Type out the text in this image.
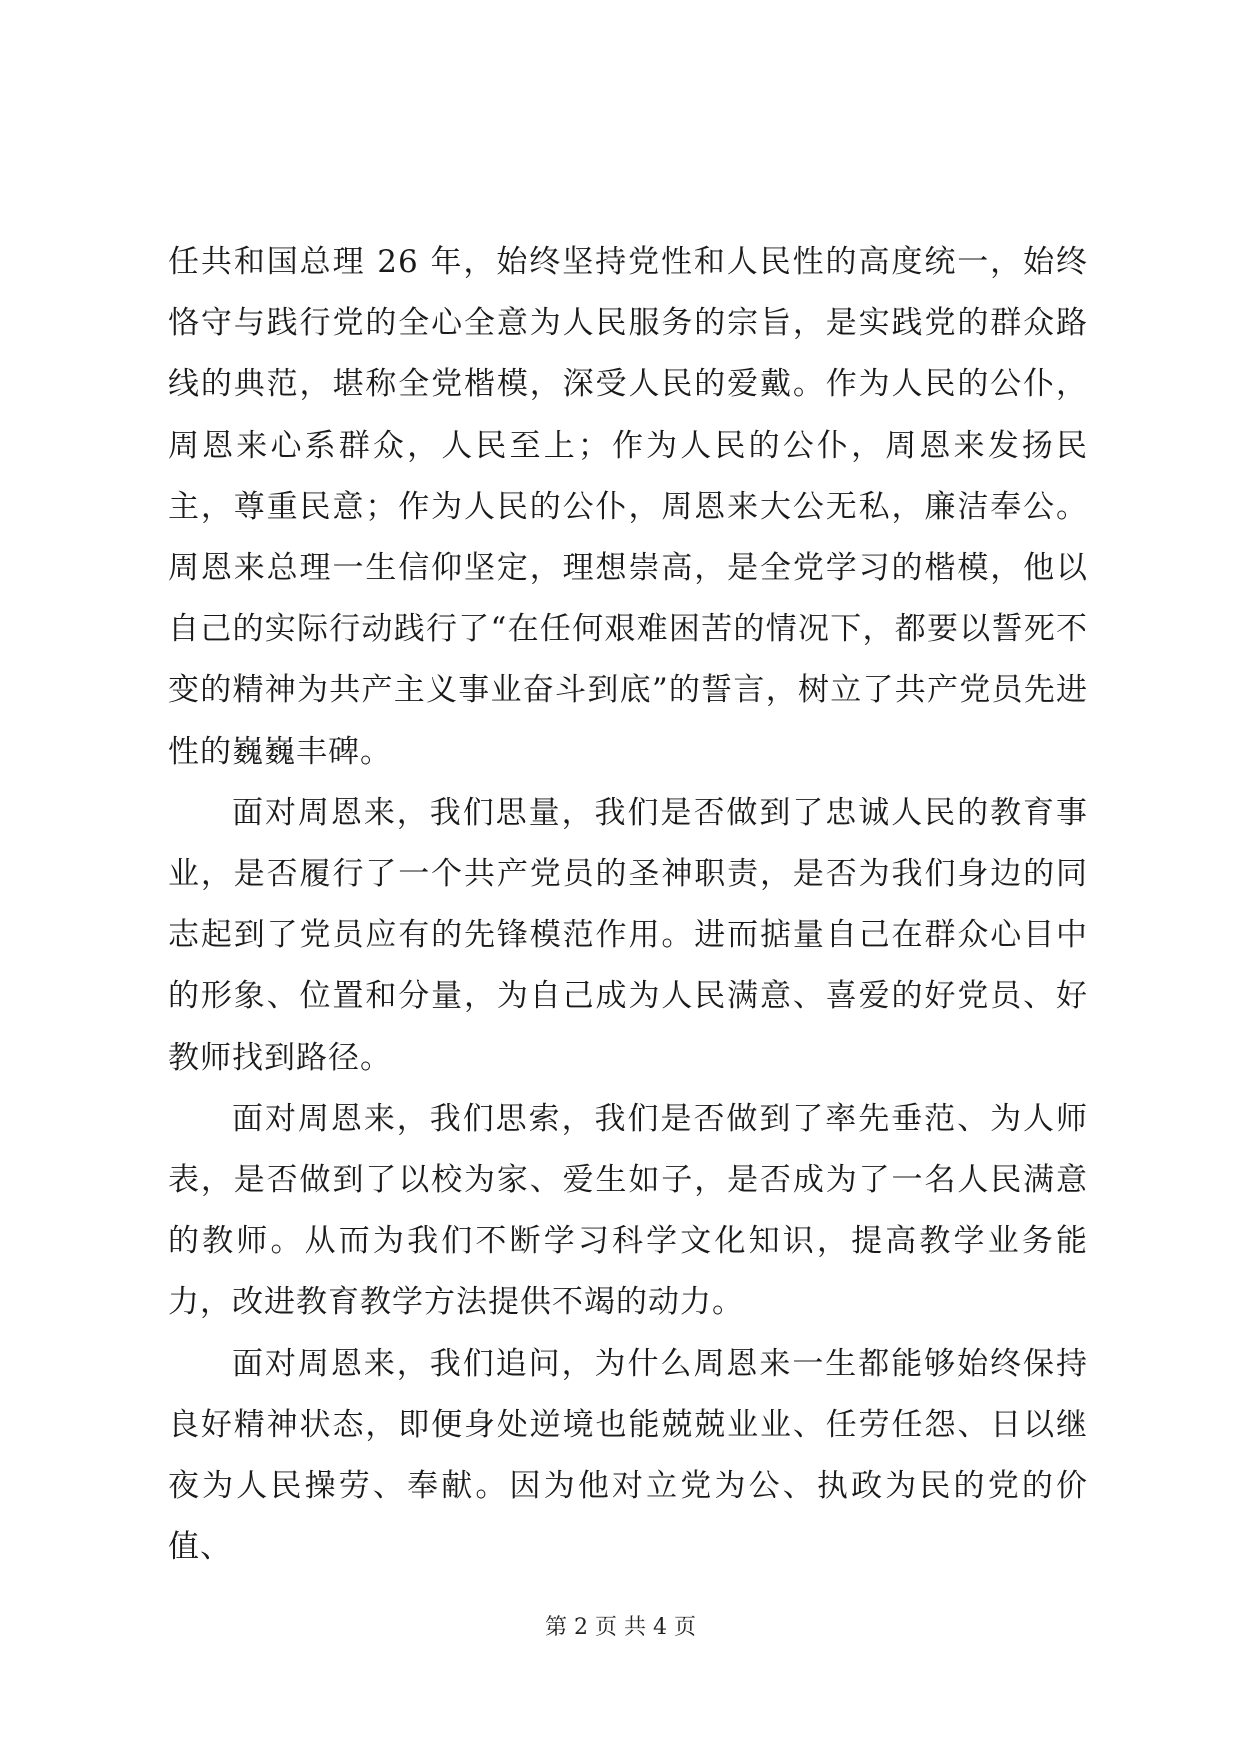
任共和国总理 26 年，始终坚持党性和人民性的高度统一，始终恪守与践行党的全心全意为人民服务的宗旨，是实践党的群众路线的典范，堪称全党楷模，深受人民的爱戴。作为人民的公仆，周恩来心系群众，人民至上；作为人民的公仆，周恩来发扬民主，尊重民意；作为人民的公仆，周恩来大公无私，廉洁奉公。周恩来总理一生信仰坚定，理想崇高，是全党学习的楷模，他以自己的实际行动践行了“在任何艰难困苦的情况下，都要以誓死不变的精神为共产主义事业奋斗到底”的誓言，树立了共产党员先进性的巍巍丰碑。

面对周恩来，我们思量，我们是否做到了忠诚人民的教育事业，是否履行了一个共产党员的圣神职责，是否为我们身边的同志起到了党员应有的先锋模范作用。进而掂量自己在群众心目中的形象、位置和分量，为自己成为人民满意、喜爱的好党员、好教师找到路径。

面对周恩来，我们思索，我们是否做到了率先垂范、为人师表，是否做到了以校为家、爱生如子，是否成为了一名人民满意的教师。从而为我们不断学习科学文化知识，提高教学业务能力，改进教育教学方法提供不竭的动力。

面对周恩来，我们追问，为什么周恩来一生都能够始终保持良好精神状态，即便身处逆境也能兢兢业业、任劳任怨、日以继夜为人民操劳、奉献。因为他对立党为公、执政为民的党的价值、

第 2 页 共 4 页
